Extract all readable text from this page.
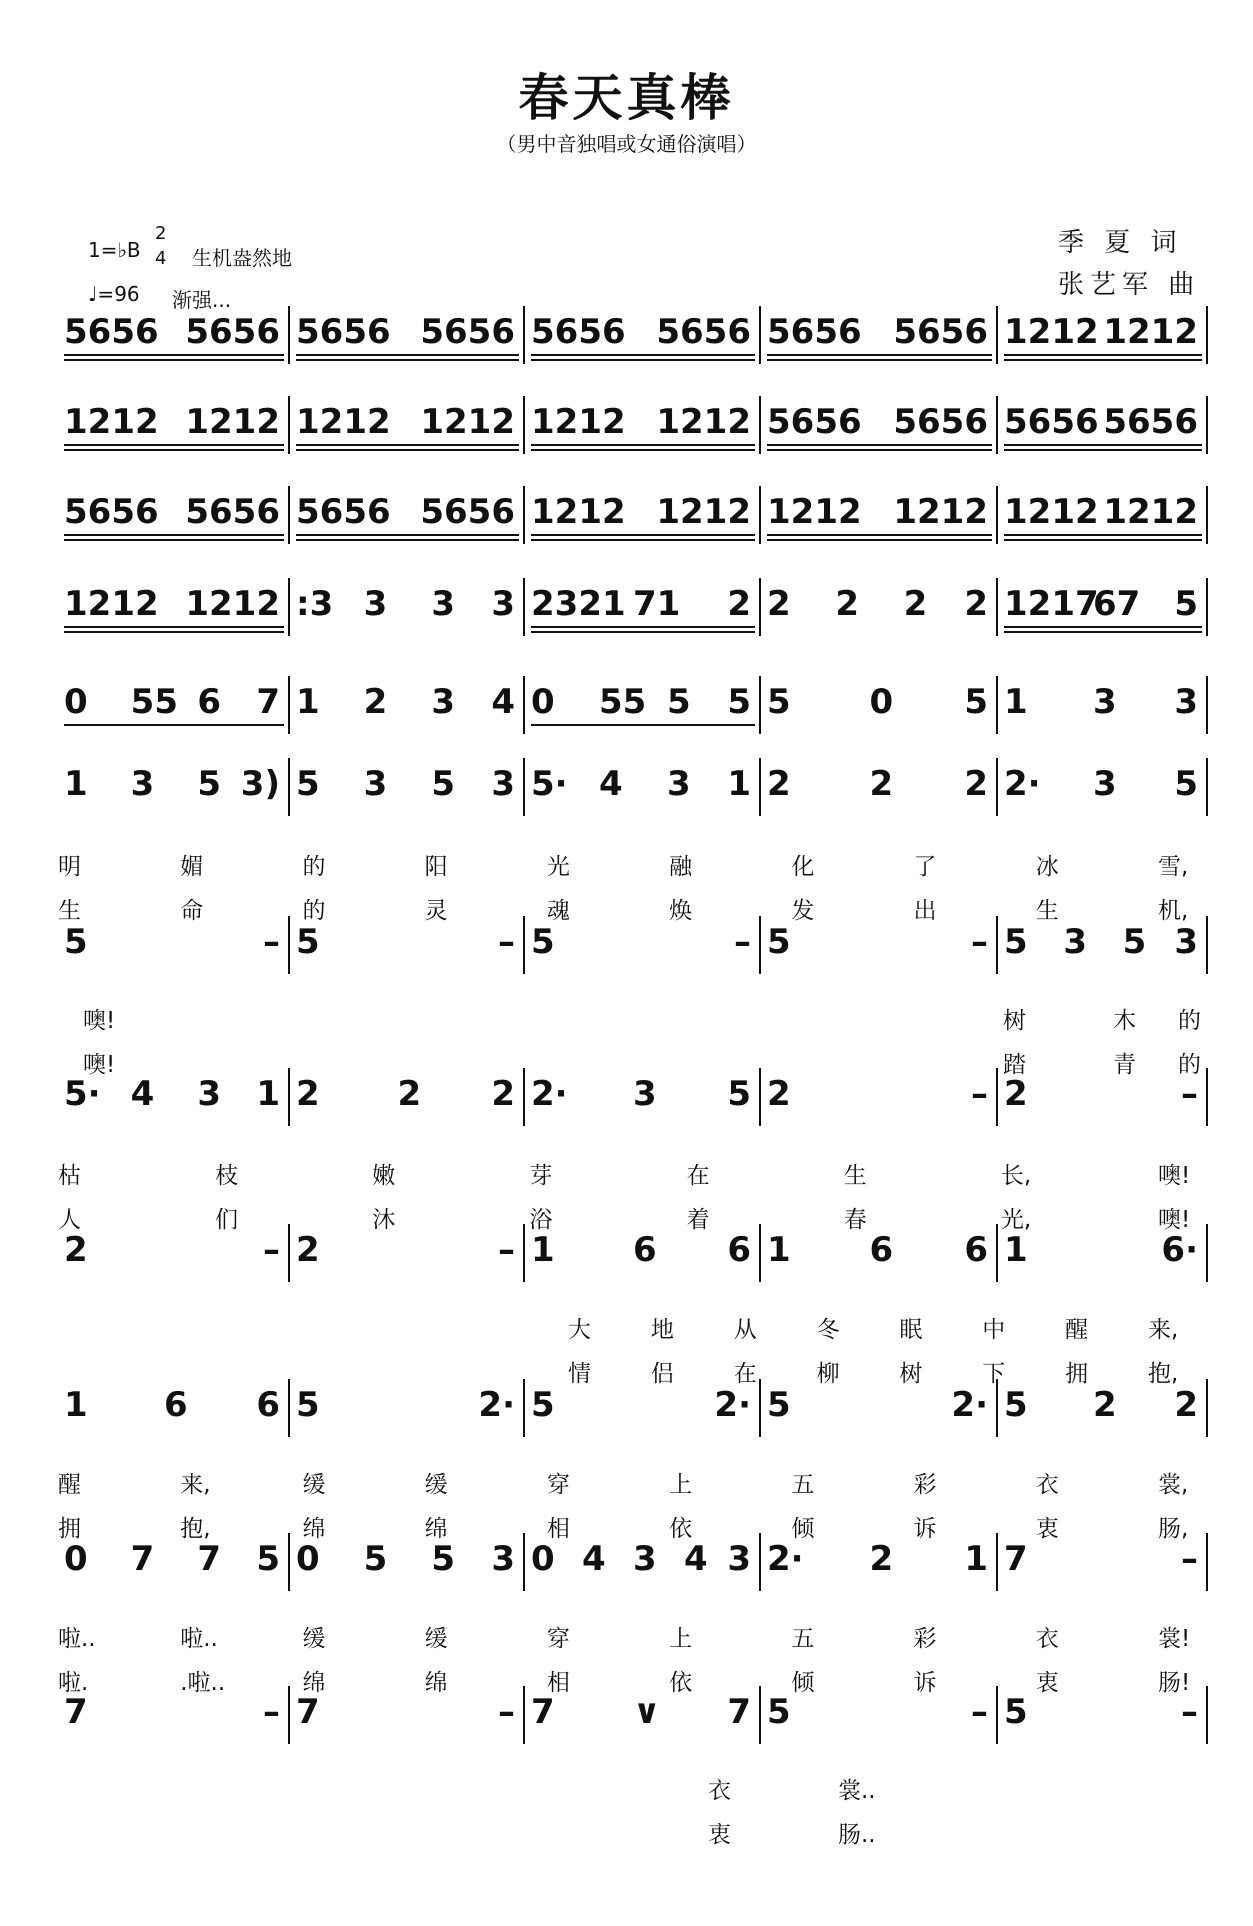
春天真棒
（男中音独唱或女通俗演唱）
1=♭B
2
4 生机盎然地
♩=96 渐强...
季 夏 词
张艺军 曲
5656 5656 5656 5656 5656 5656 5656 5656 1212 1212
1212 1212 1212 1212 1212 1212 5656 5656 5656 5656
5656 5656 5656 5656 1212 1212 1212 1212 1212 1212
1212 1212 :3 3 3 3 2321 71 2 2 2 2 2 1217
67 5
0 55 6 7 1 2 3 4 0 55 5 5 5 0 5 1 3 3
1 3 5 3) 5 3 5 3 5· 4 3 1 2 2 2 2· 3 5
5	– 5	– 5	– 5	– 5 3 5 3
5· 4 3 1 2 2 2 2· 3 5 2	– 2	–
2	– 2	– 1 6 6 1 6 6 1	6·
1 6 6 5	2· 5	2· 5	2· 5 2 2
0 7 7 5 0 5 5 3 0 4 3 4 3 2· 2 1 7	–
7	– 7	– 7 ∨ 7 5	– 5	–
明	媚	的	阳	光	融	化	了	冰	雪,
生	命	的	灵	魂	焕	发	出	生	机,
噢!	树	木 的
噢!	踏	青 的
枯	枝	嫩	芽	在	生	长,	噢!
人	们	沐	浴	着	春	光,	噢!
大	地	从	冬	眠	中	醒	来,
情	侣	在	柳	树	下	拥	抱,
醒	来,	缓	缓	穿	上	五	彩	衣	裳,
拥	抱,	绵	绵	相	依	倾	诉	衷	肠,
啦..	啦..	缓	缓	穿	上	五	彩	衣	裳!
啦.	.啦..	绵	绵	相	依	倾	诉	衷	肠!
衣	裳..
衷	肠..
